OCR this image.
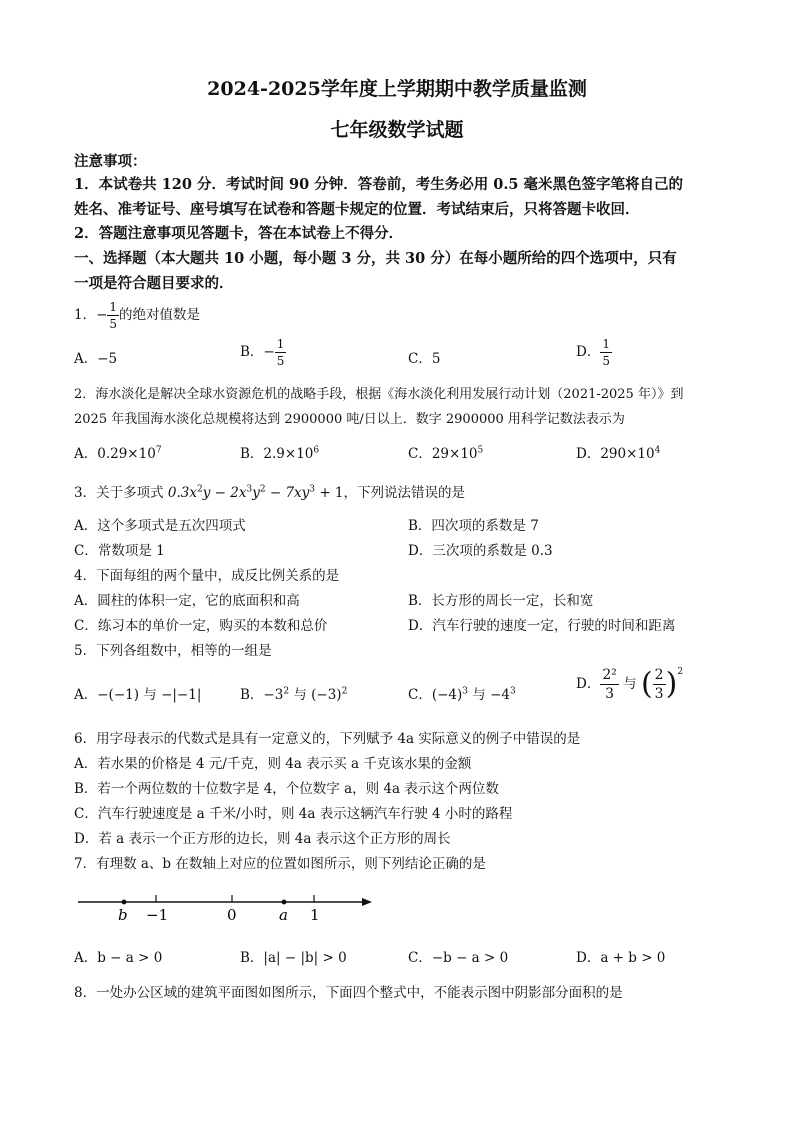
2024-2025学年度上学期期中教学质量监测
七年级数学试题
注意事项：
1．本试卷共 120 分．考试时间 90 分钟．答卷前，考生务必用 0.5 毫米黑色签字笔将自己的
姓名、准考证号、座号填写在试卷和答题卡规定的位置．考试结束后，只将答题卡收回．
2．答题注意事项见答题卡，答在本试卷上不得分．
一、选择题（本大题共 10 小题，每小题 3 分，共 30 分）在每小题所给的四个选项中，只有
一项是符合题目要求的．
1．− $\frac{1}{5}$ 的绝对值数是
A．−5	B．− $\frac{1}{5}$	C．5	D． $\frac{1}{5}$
2．海水淡化是解决全球水资源危机的战略手段，根据《海水淡化利用发展行动计划（2021-2025 年）》到
2025 年我国海水淡化总规模将达到 2900000 吨/日以上．数字 2900000 用科学记数法表示为
A．$0.29\times 10^7$	B．$2.9\times 10^6$	C．$29\times 10^5$	D．$290\times 10^4$
3．关于多项式 $0.3x^2y - 2x^3y^2 - 7xy^3 + 1$，下列说法错误的是
A．这个多项式是五次四项式	B．四次项的系数是 7
C．常数项是 1	D．三次项的系数是 0.3
4．下面每组的两个量中，成反比例关系的是
A．圆柱的体积一定，它的底面积和高	B．长方形的周长一定，长和宽
C．练习本的单价一定，购买的本数和总价	D．汽车行驶的速度一定，行驶的时间和距离
5．下列各组数中，相等的一组是
A．−(−1) 与 −|−1|	B．$-3^2$ 与 $(-3)^2$	C．$(-4)^3$ 与 $-4^3$	D． $\frac{\text{2²}}{3}$ 与 ( $\frac{2}{3} )^2$
6．用字母表示的代数式是具有一定意义的，下列赋予 4a 实际意义的例子中错误的是
A．若水果的价格是 4 元/千克，则 4a 表示买 a 千克该水果的金额
B．若一个两位数的十位数字是 4，个位数字 a，则 4a 表示这个两位数
C．汽车行驶速度是 a 千米/小时，则 4a 表示这辆汽车行驶 4 小时的路程
D．若 a 表示一个正方形的边长，则 4a 表示这个正方形的周长
7．有理数 a、b 在数轴上对应的位置如图所示，则下列结论正确的是
b −1	0	a 1
A．b − a > 0	B．|a| − |b| > 0	C．−b − a > 0	D．a + b > 0
8．一处办公区域的建筑平面图如图所示，下面四个整式中，不能表示图中阴影部分面积的是
